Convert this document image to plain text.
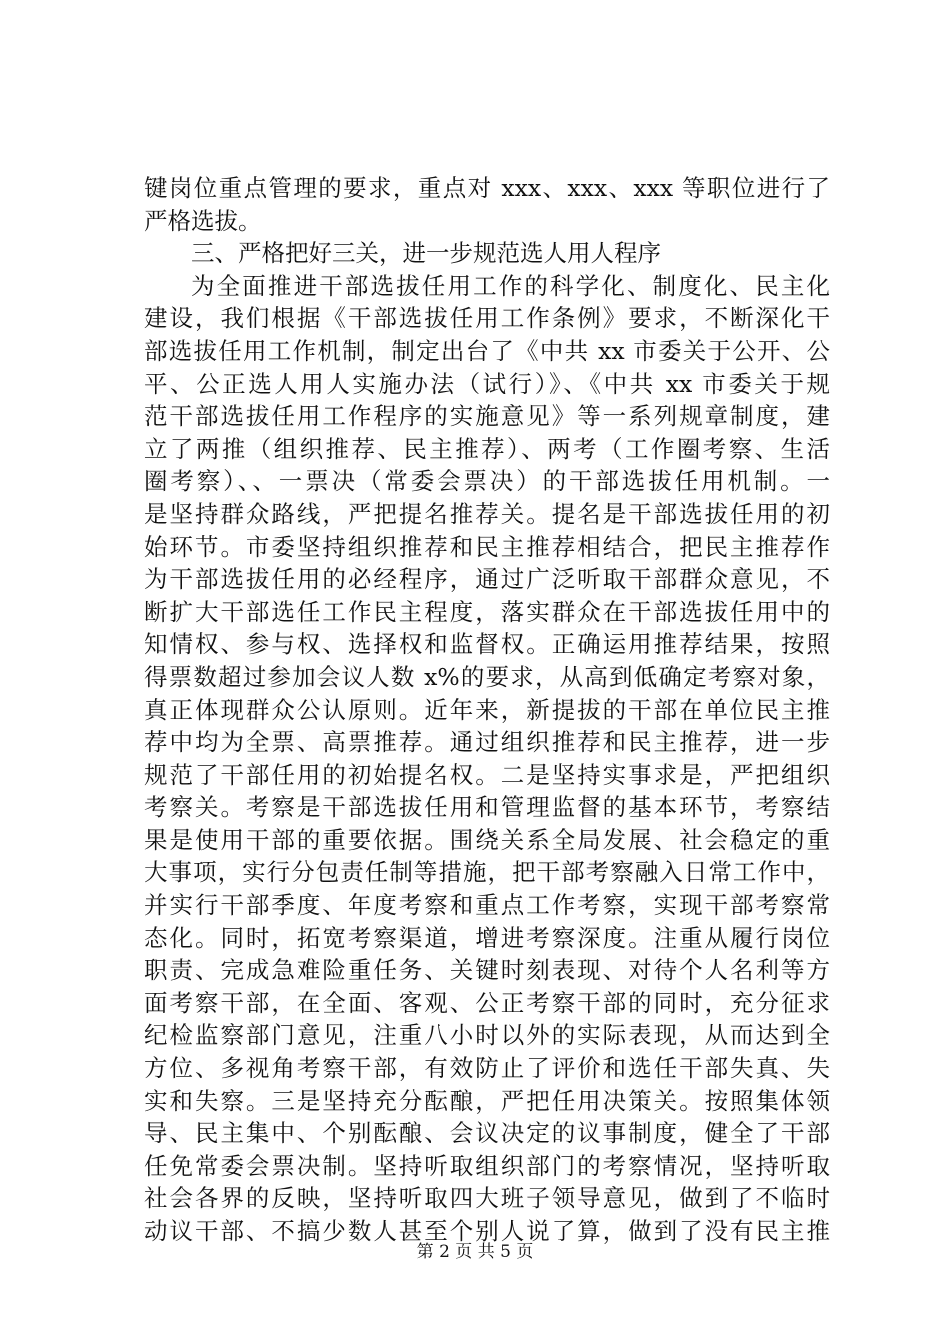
键岗位重点管理的要求，重点对 xxx、xxx、xxx 等职位进行了
严格选拔。
三、严格把好三关，进一步规范选人用人程序
为全面推进干部选拔任用工作的科学化、制度化、民主化
建设，我们根据《干部选拔任用工作条例》要求，不断深化干
部选拔任用工作机制，制定出台了《中共 xx 市委关于公开、公
平、公正选人用人实施办法（试行）》、《中共 xx 市委关于规
范干部选拔任用工作程序的实施意见》等一系列规章制度，建
立了两推（组织推荐、民主推荐）、两考（工作圈考察、生活
圈考察）、、一票决（常委会票决）的干部选拔任用机制。一
是坚持群众路线，严把提名推荐关。提名是干部选拔任用的初
始环节。市委坚持组织推荐和民主推荐相结合，把民主推荐作
为干部选拔任用的必经程序，通过广泛听取干部群众意见，不
断扩大干部选任工作民主程度，落实群众在干部选拔任用中的
知情权、参与权、选择权和监督权。正确运用推荐结果，按照
得票数超过参加会议人数 x%的要求，从高到低确定考察对象，
真正体现群众公认原则。近年来，新提拔的干部在单位民主推
荐中均为全票、高票推荐。通过组织推荐和民主推荐，进一步
规范了干部任用的初始提名权。二是坚持实事求是，严把组织
考察关。考察是干部选拔任用和管理监督的基本环节，考察结
果是使用干部的重要依据。围绕关系全局发展、社会稳定的重
大事项，实行分包责任制等措施，把干部考察融入日常工作中，
并实行干部季度、年度考察和重点工作考察，实现干部考察常
态化。同时，拓宽考察渠道，增进考察深度。注重从履行岗位
职责、完成急难险重任务、关键时刻表现、对待个人名利等方
面考察干部，在全面、客观、公正考察干部的同时，充分征求
纪检监察部门意见，注重八小时以外的实际表现，从而达到全
方位、多视角考察干部，有效防止了评价和选任干部失真、失
实和失察。三是坚持充分酝酿，严把任用决策关。按照集体领
导、民主集中、个别酝酿、会议决定的议事制度，健全了干部
任免常委会票决制。坚持听取组织部门的考察情况，坚持听取
社会各界的反映，坚持听取四大班子领导意见，做到了不临时
动议干部、不搞少数人甚至个别人说了算，做到了没有民主推
第 2 页 共 5 页
